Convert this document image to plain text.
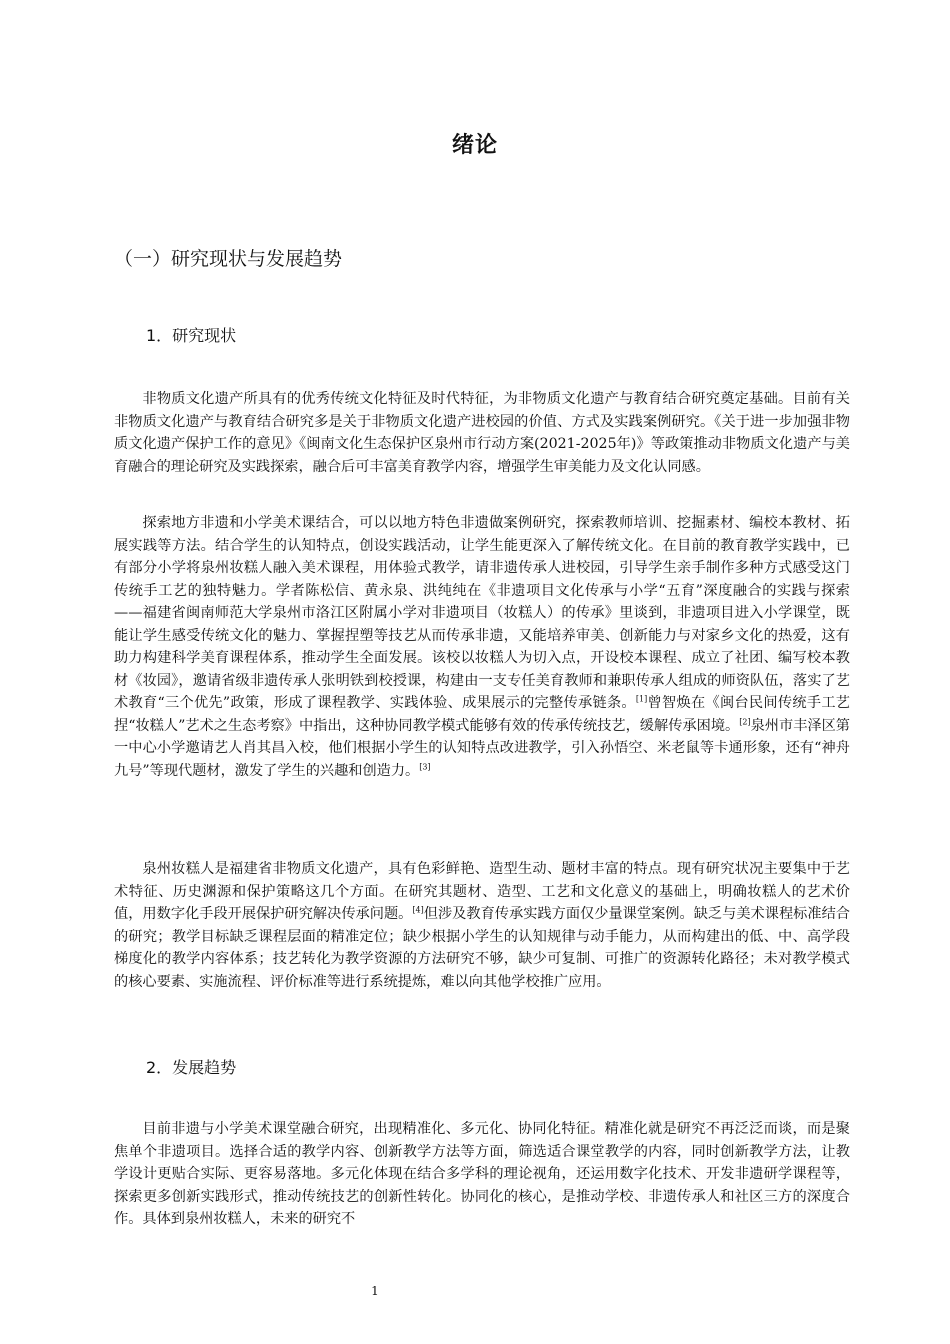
绪论
（一）研究现状与发展趋势
1．研究现状

非物质文化遗产所具有的优秀传统文化特征及时代特征，为非物质文化遗产与教育结合研究奠定基础。目前有关非物质文化遗产与教育结合研究多是关于非物质文化遗产进校园的价值、方式及实践案例研究。《关于进一步加强非物质文化遗产保护工作的意见》《闽南文化生态保护区泉州市行动方案(2021-2025年)》等政策推动非物质文化遗产与美育融合的理论研究及实践探索，融合后可丰富美育教学内容，增强学生审美能力及文化认同感。

探索地方非遗和小学美术课结合，可以以地方特色非遗做案例研究，探索教师培训、挖掘素材、编校本教材、拓展实践等方法。结合学生的认知特点，创设实践活动，让学生能更深入了解传统文化。在目前的教育教学实践中，已有部分小学将泉州妆糕人融入美术课程，用体验式教学，请非遗传承人进校园，引导学生亲手制作多种方式感受这门传统手工艺的独特魅力。学者陈松信、黄永泉、洪纯纯在《非遗项目文化传承与小学“五育”深度融合的实践与探索——福建省闽南师范大学泉州市洛江区附属小学对非遗项目（妆糕人）的传承》里谈到，非遗项目进入小学课堂，既能让学生感受传统文化的魅力、掌握捏塑等技艺从而传承非遗，又能培养审美、创新能力与对家乡文化的热爱，这有助力构建科学美育课程体系，推动学生全面发展。该校以妆糕人为切入点，开设校本课程、成立了社团、编写校本教材《妆园》，邀请省级非遗传承人张明铁到校授课，构建由一支专任美育教师和兼职传承人组成的师资队伍，落实了艺术教育“三个优先”政策，形成了课程教学、实践体验、成果展示的完整传承链条。[1]曾智焕在《闽台民间传统手工艺捏“妆糕人”艺术之生态考察》中指出，这种协同教学模式能够有效的传承传统技艺，缓解传承困境。[2]泉州市丰泽区第一中心小学邀请艺人肖其昌入校，他们根据小学生的认知特点改进教学，引入孙悟空、米老鼠等卡通形象，还有“神舟九号”等现代题材，激发了学生的兴趣和创造力。[3]

泉州妆糕人是福建省非物质文化遗产，具有色彩鲜艳、造型生动、题材丰富的特点。现有研究状况主要集中于艺术特征、历史渊源和保护策略这几个方面。在研究其题材、造型、工艺和文化意义的基础上，明确妆糕人的艺术价值，用数字化手段开展保护研究解决传承问题。[4]但涉及教育传承实践方面仅少量课堂案例。缺乏与美术课程标准结合的研究；教学目标缺乏课程层面的精准定位；缺少根据小学生的认知规律与动手能力，从而构建出的低、中、高学段梯度化的教学内容体系；技艺转化为教学资源的方法研究不够，缺少可复制、可推广的资源转化路径；未对教学模式的核心要素、实施流程、评价标准等进行系统提炼，难以向其他学校推广应用。

2．发展趋势

目前非遗与小学美术课堂融合研究，出现精准化、多元化、协同化特征。精准化就是研究不再泛泛而谈，而是聚焦单个非遗项目。选择合适的教学内容、创新教学方法等方面，筛选适合课堂教学的内容，同时创新教学方法，让教学设计更贴合实际、更容易落地。多元化体现在结合多学科的理论视角，还运用数字化技术、开发非遗研学课程等，探索更多创新实践形式，推动传统技艺的创新性转化。协同化的核心，是推动学校、非遗传承人和社区三方的深度合作。具体到泉州妆糕人，未来的研究不

1
